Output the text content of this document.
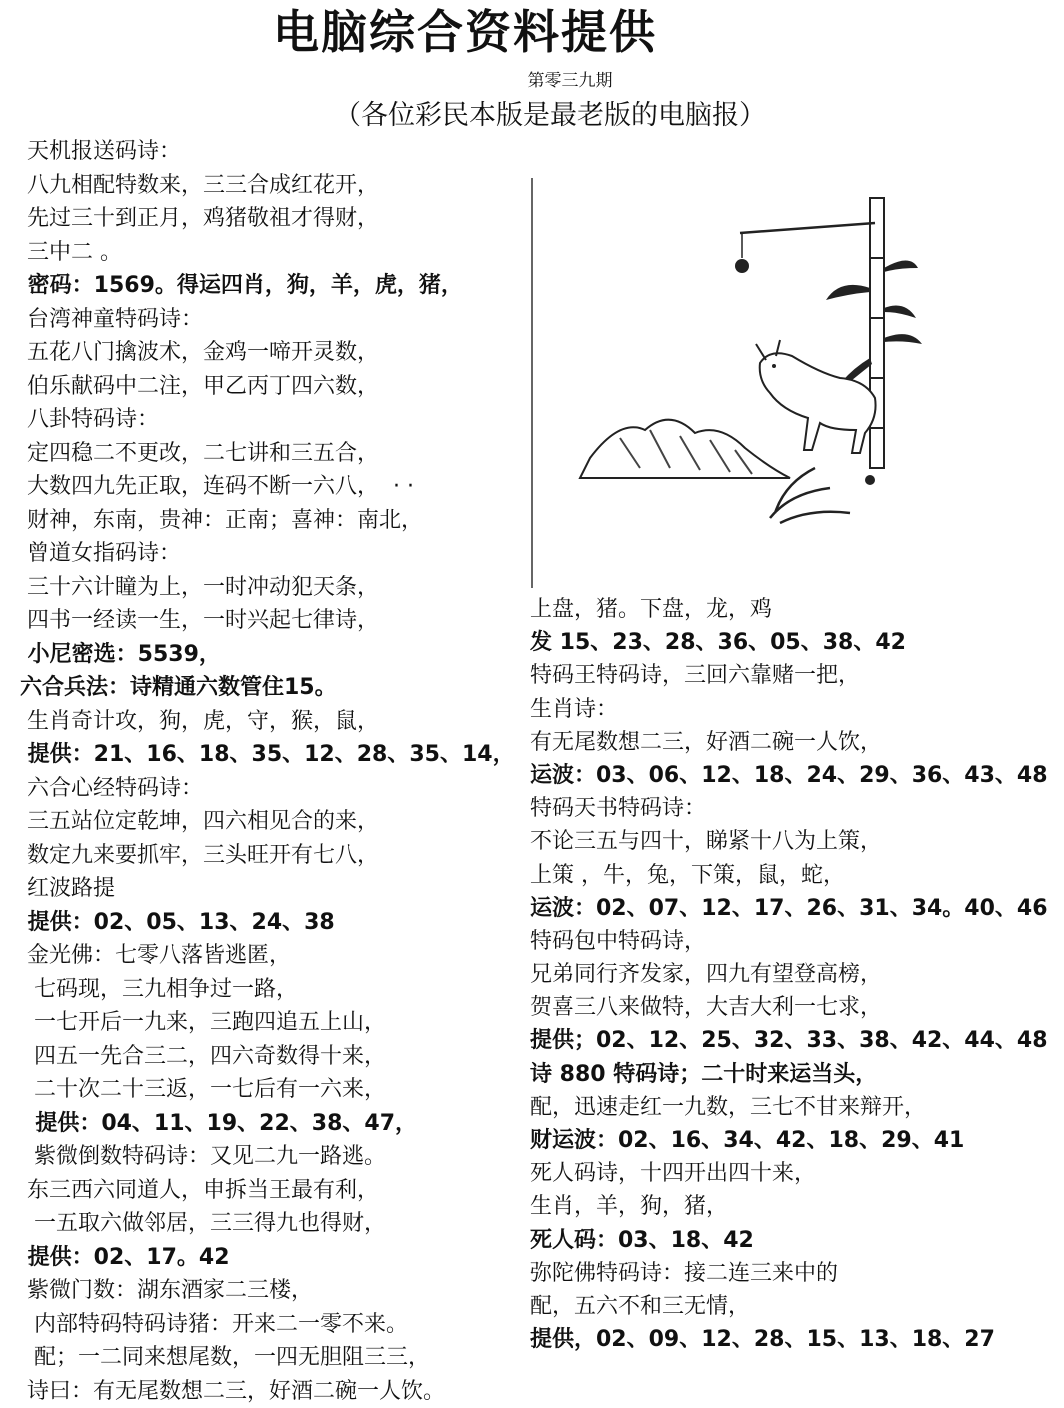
电脑综合资料提供
第零三九期
（各位彩民本版是最老版的电脑报）
天机报送码诗：
八九相配特数来，三三合成红花开，
先过三十到正月，鸡猪敬祖才得财，
三中二 。
密码：1569。得运四肖，狗，羊，虎，猪，
台湾神童特码诗：
五花八门擒波术，金鸡一啼开灵数，
伯乐献码中二注，甲乙丙丁四六数，
八卦特码诗：
定四稳二不更改，二七讲和三五合，
大数四九先正取，连码不断一六八，  · ·
财神，东南，贵神：正南；喜神：南北，
曾道女指码诗：
三十六计瞳为上，一时冲动犯天条，
四书一经读一生，一时兴起七律诗，
小尼密选：5539，
六合兵法：诗精通六数管住15。
生肖奇计攻，狗，虎，守，猴，鼠，
提供：21、16、18、35、12、28、35、14，
六合心经特码诗：
三五站位定乾坤，四六相见合的来，
数定九来要抓牢，三头旺开有七八，
红波路提
提供：02、05、13、24、38
金光佛：七零八落皆逃匿，
七码现，三九相争过一路，
一七开后一九来，三跑四追五上山，
四五一先合三二，四六奇数得十来，
二十次二十三返，一七后有一六来，
提供：04、11、19、22、38、47，
紫微倒数特码诗：又见二九一路逃。
东三西六同道人，申拆当王最有利，
一五取六做邻居，三三得九也得财，
提供：02、17。42
紫微门数：湖东酒家二三楼，
内部特码特码诗猪：开来二一零不来。
配；一二同来想尾数，一四无胆阻三三，
诗曰：有无尾数想二三，好酒二碗一人饮。
上盘，猪。下盘，龙，鸡
发 15、23、28、36、05、38、42
特码王特码诗，三回六靠赌一把，
生肖诗：
有无尾数想二三，好酒二碗一人饮，
运波：03、06、12、18、24、29、36、43、48
特码天书特码诗：
不论三五与四十，睇紧十八为上策，
上策 ，牛，兔，下策，鼠，蛇，
运波：02、07、12、17、26、31、34。40、46
特码包中特码诗，
兄弟同行齐发家，四九有望登高榜，
贺喜三八来做特，大吉大利一七求，
提供；02、12、25、32、33、38、42、44、48
诗 880 特码诗；二十时来运当头，
配，迅速走红一九数，三七不甘来辩开，
财运波：02、16、34、42、18、29、41
死人码诗，十四开出四十来，
生肖，羊，狗，猪，
死人码：03、18、42
弥陀佛特码诗：接二连三来中的
配，五六不和三无情，
提供，02、09、12、28、15、13、18、27
